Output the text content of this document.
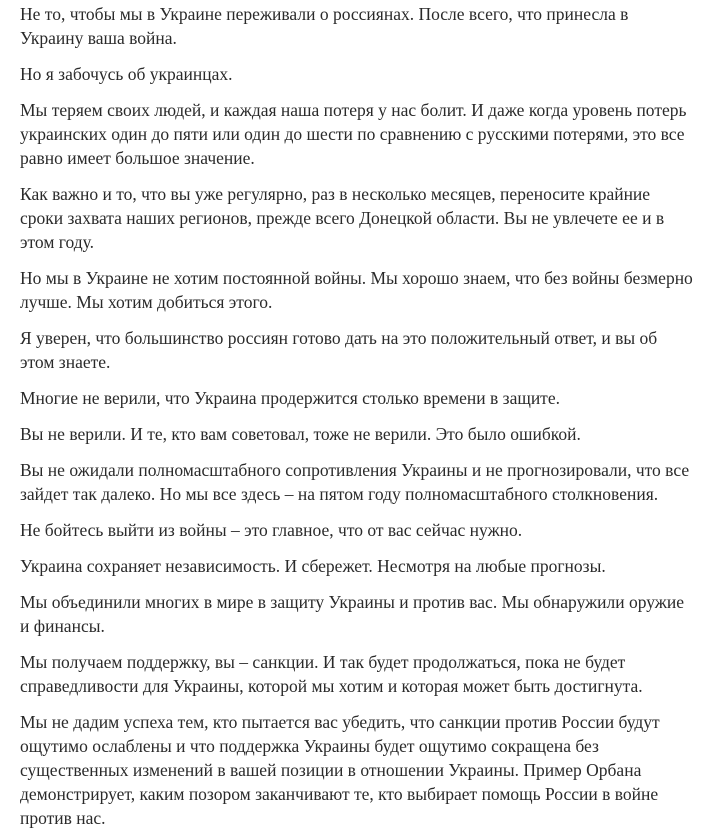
Не то, чтобы мы в Украине переживали о россиянах. После всего, что принесла в Украину ваша война.

Но я забочусь об украинцах.

Мы теряем своих людей, и каждая наша потеря у нас болит. И даже когда уровень потерь украинских один до пяти или один до шести по сравнению с русскими потерями, это все равно имеет большое значение.

Как важно и то, что вы уже регулярно, раз в несколько месяцев, переносите крайние сроки захвата наших регионов, прежде всего Донецкой области. Вы не увлечете ее и в этом году.

Но мы в Украине не хотим постоянной войны. Мы хорошо знаем, что без войны безмерно лучше. Мы хотим добиться этого.

Я уверен, что большинство россиян готово дать на это положительный ответ, и вы об этом знаете.

Многие не верили, что Украина продержится столько времени в защите.

Вы не верили. И те, кто вам советовал, тоже не верили. Это было ошибкой.

Вы не ожидали полномасштабного сопротивления Украины и не прогнозировали, что все зайдет так далеко. Но мы все здесь – на пятом году полномасштабного столкновения.

Не бойтесь выйти из войны – это главное, что от вас сейчас нужно.

Украина сохраняет независимость. И сбережет. Несмотря на любые прогнозы.

Мы объединили многих в мире в защиту Украины и против вас. Мы обнаружили оружие и финансы.

Мы получаем поддержку, вы – санкции. И так будет продолжаться, пока не будет справедливости для Украины, которой мы хотим и которая может быть достигнута.

Мы не дадим успеха тем, кто пытается вас убедить, что санкции против России будут ощутимо ослаблены и что поддержка Украины будет ощутимо сокращена без существенных изменений в вашей позиции в отношении Украины. Пример Орбана демонстрирует, каким позором заканчивают те, кто выбирает помощь России в войне против нас.
